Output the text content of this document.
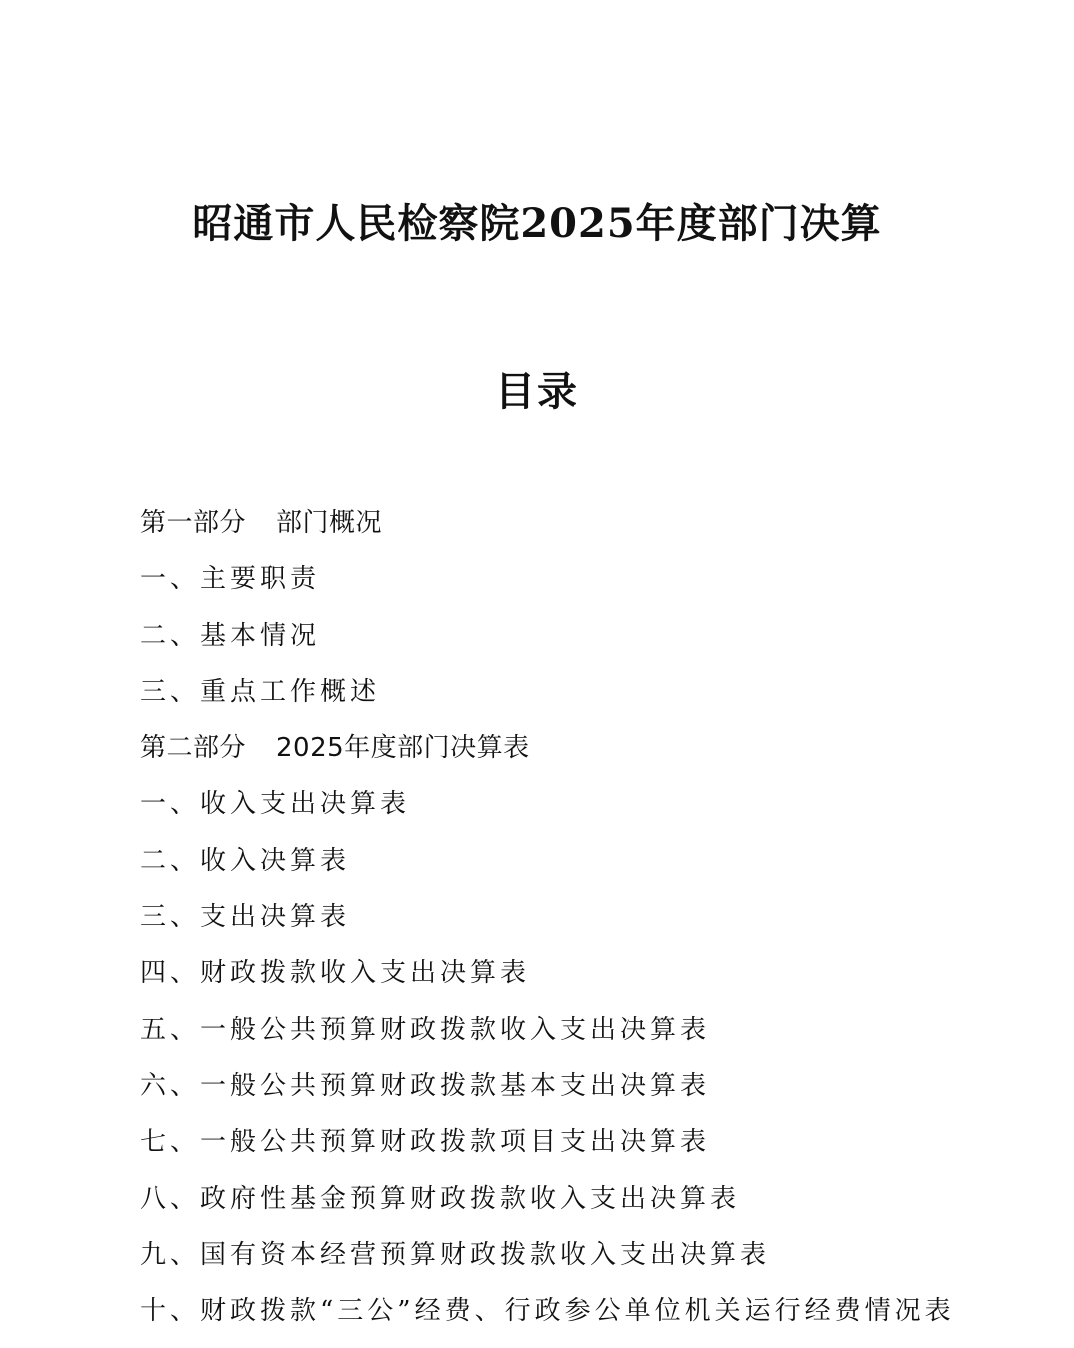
昭通市人民检察院2025年度部门决算
目录
第一部分 部门概况
一、主要职责
二、基本情况
三、重点工作概述
第二部分 2025年度部门决算表
一、收入支出决算表
二、收入决算表
三、支出决算表
四、财政拨款收入支出决算表
五、一般公共预算财政拨款收入支出决算表
六、一般公共预算财政拨款基本支出决算表
七、一般公共预算财政拨款项目支出决算表
八、政府性基金预算财政拨款收入支出决算表
九、国有资本经营预算财政拨款收入支出决算表
十、财政拨款“三公”经费、行政参公单位机关运行经费情况表
